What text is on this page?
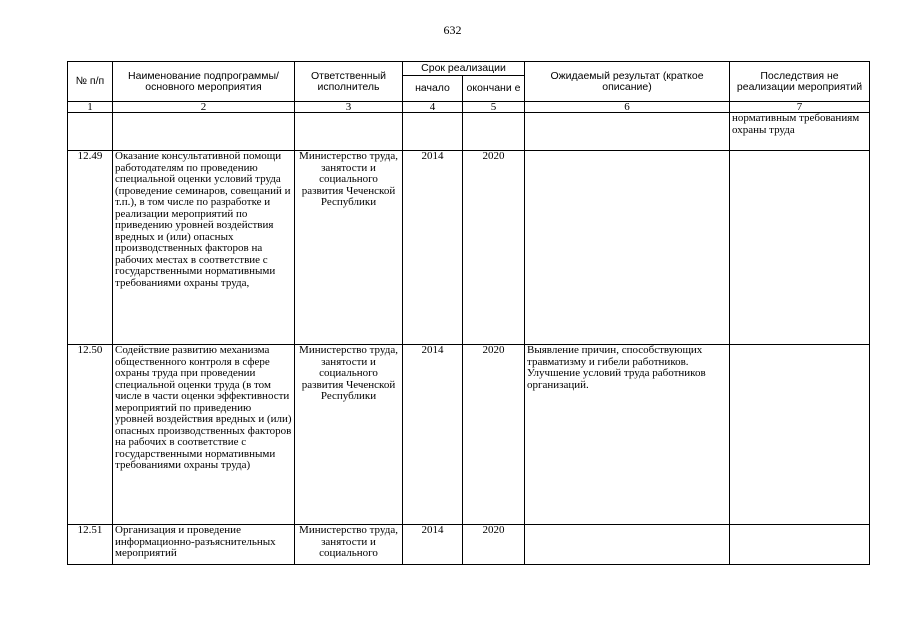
632
№ п/п	Наименование подпрограммы/ основного мероприятия	Ответственный исполнитель	Срок реализации		Ожидаемый результат (краткое описание)	Последствия не реализации мероприятий
			начало	окончани е		
1	2	3	4	5	6	7
						нормативным требованиям охраны труда
12.49	Оказание консультативной помощи работодателям по проведению специальной оценки условий труда (проведение семинаров, совещаний и т.п.), в том числе по разработке и реализации мероприятий по приведению уровней воздействия вредных и (или) опасных производственных факторов на рабочих местах в соответствие с государственными нормативными требованиями охраны труда,	Министерство труда, занятости и социального развития Чеченской Республики	2014	2020		
12.50	Содействие развитию механизма общественного контроля в сфере охраны труда при проведении специальной оценки труда (в том числе в части оценки эффективности мероприятий по приведению уровней воздействия вредных и (или) опасных производственных факторов на рабочих в соответствие с государственными нормативными требованиями охраны труда)	Министерство труда, занятости и социального развития Чеченской Республики	2014	2020	Выявление причин, способствующих травматизму и гибели работников. Улучшение условий труда работников организаций.	
12.51	Организация и проведение информационно-разъяснительных мероприятий	Министерство труда, занятости и социального	2014	2020		
